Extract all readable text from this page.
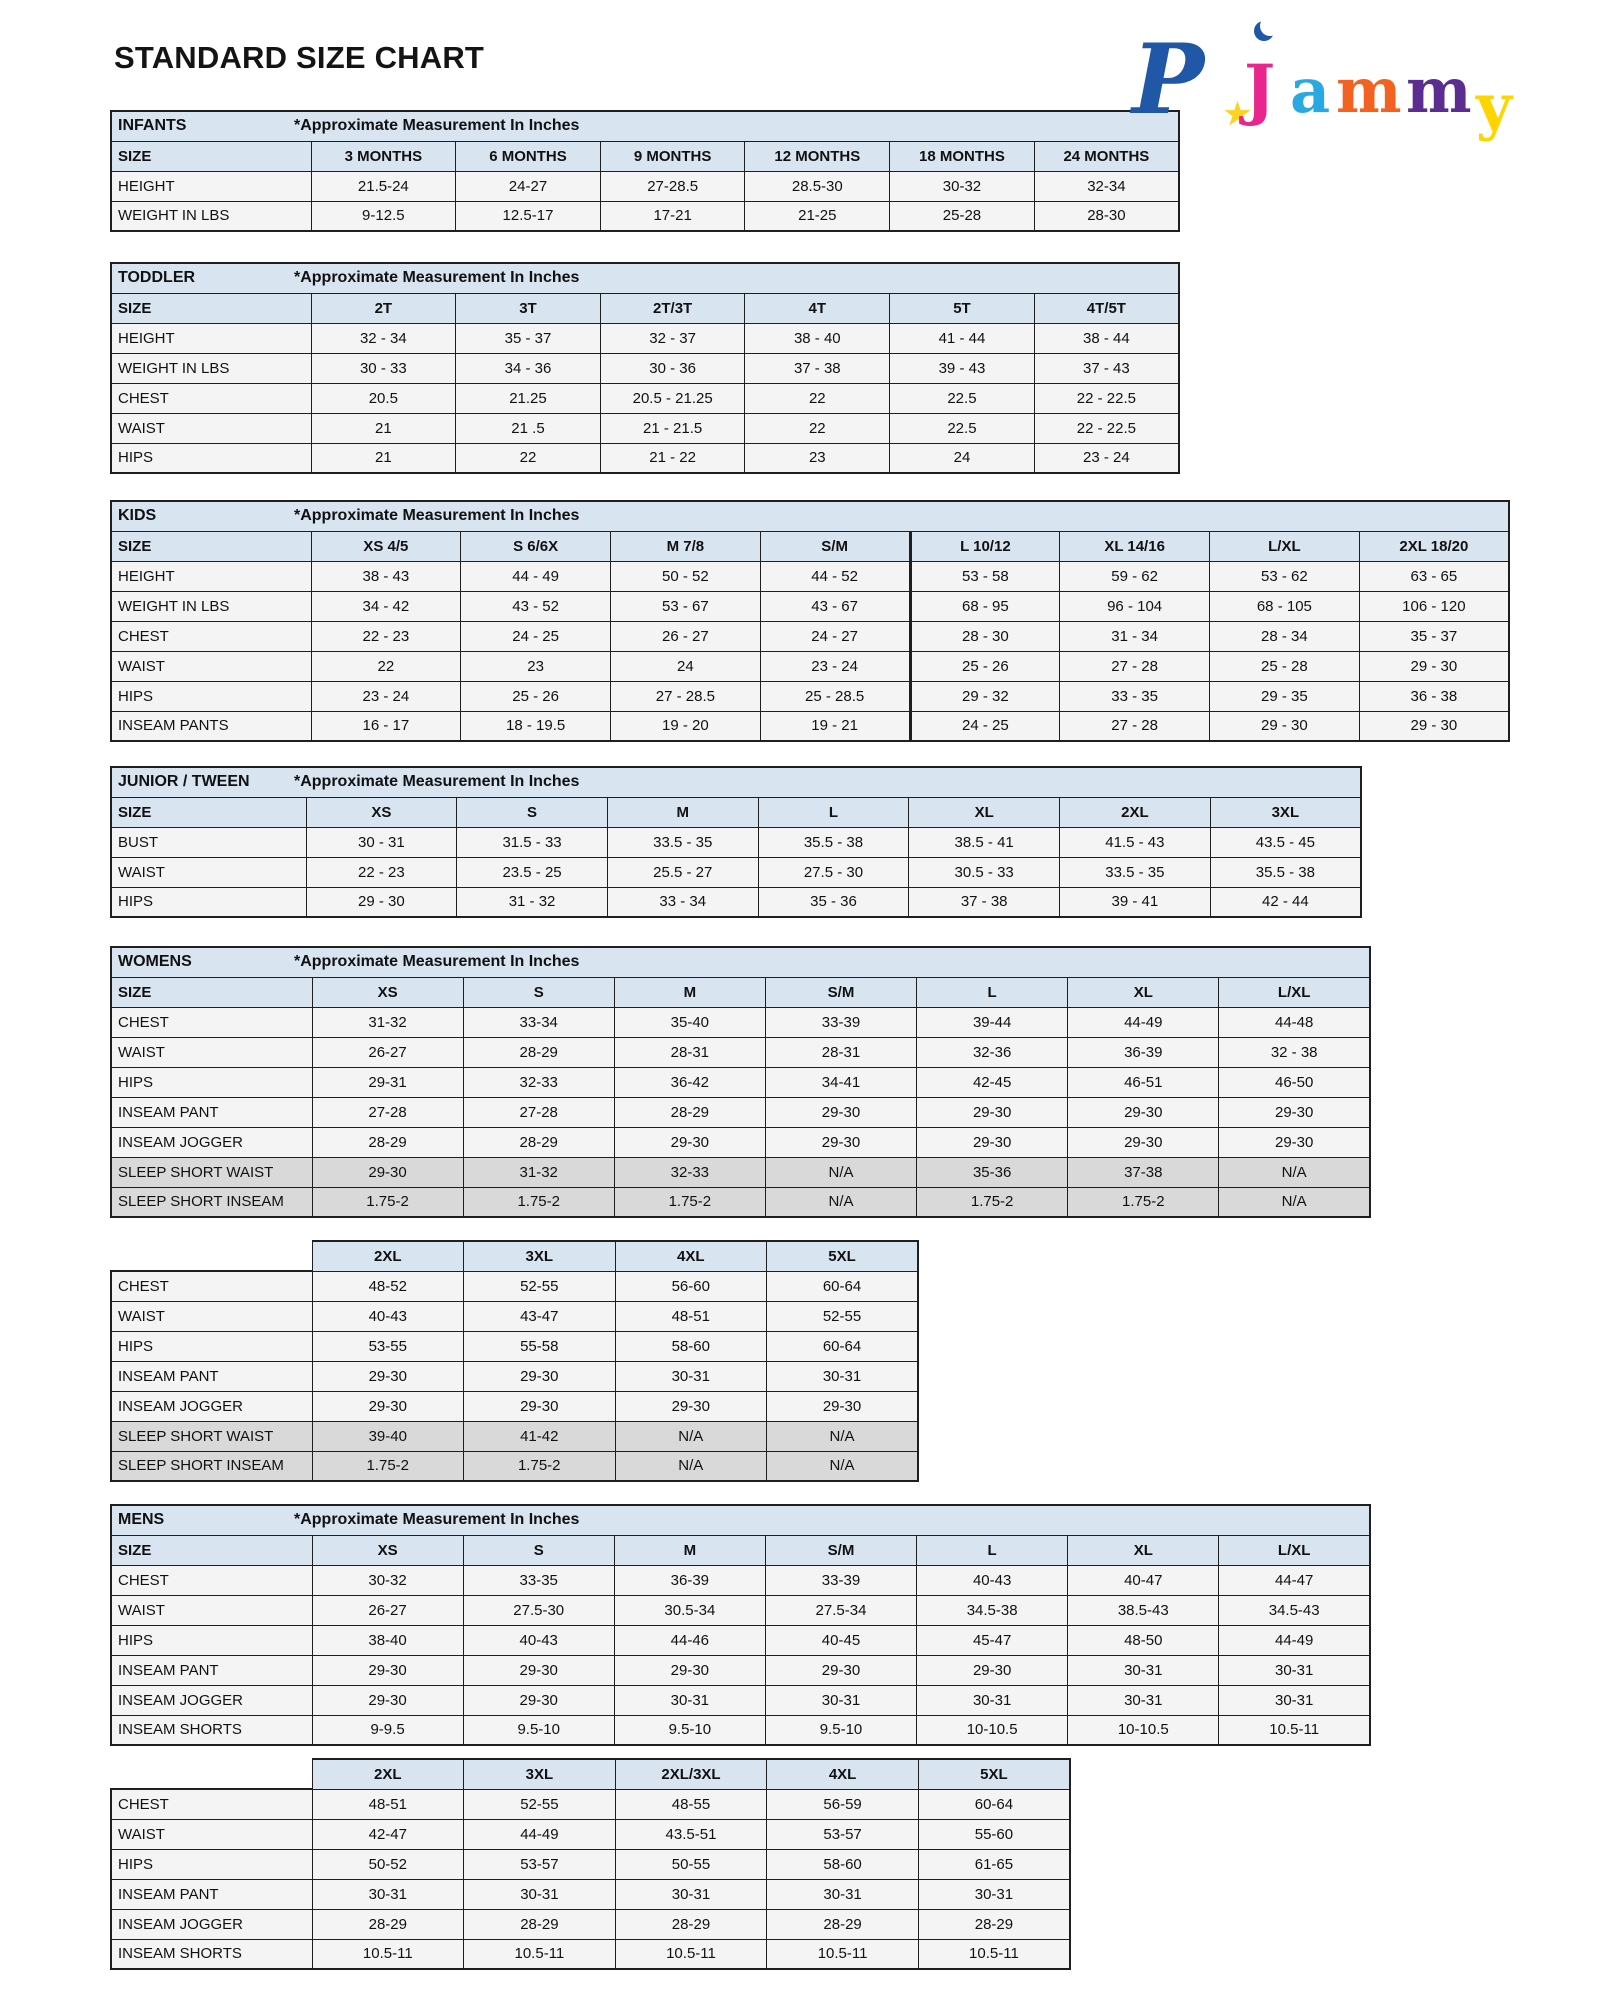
★
P J a m m y
STANDARD SIZE CHART
INFANTS *Approximate Measurement In Inches						
SIZE	3 MONTHS	6 MONTHS	9 MONTHS	12 MONTHS	18 MONTHS	24 MONTHS
HEIGHT	21.5-24	24-27	27-28.5	28.5-30	30-32	32-34
WEIGHT IN LBS	9-12.5	12.5-17	17-21	21-25	25-28	28-30
TODDLER *Approximate Measurement In Inches						
SIZE	2T	3T	2T/3T	4T	5T	4T/5T
HEIGHT	32 - 34	35 - 37	32 - 37	38 - 40	41 - 44	38 - 44
WEIGHT IN LBS	30 - 33	34 - 36	30 - 36	37 - 38	39 - 43	37 - 43
CHEST	20.5	21.25	20.5 - 21.25	22	22.5	22 - 22.5
WAIST	21	21 .5	21 - 21.5	22	22.5	22 - 22.5
HIPS	21	22	21 - 22	23	24	23 - 24
KIDS *Approximate Measurement In Inches								
SIZE	XS 4/5	S 6/6X	M 7/8	S/M	L 10/12	XL 14/16	L/XL	2XL 18/20
HEIGHT	38 - 43	44 - 49	50 - 52	44 - 52	53 - 58	59 - 62	53 - 62	63 - 65
WEIGHT IN LBS	34 - 42	43 - 52	53 - 67	43 - 67	68 - 95	96 - 104	68 - 105	106 - 120
CHEST	22 - 23	24 - 25	26 - 27	24 - 27	28 - 30	31 - 34	28 - 34	35 - 37
WAIST	22	23	24	23 - 24	25 - 26	27 - 28	25 - 28	29 - 30
HIPS	23 - 24	25 - 26	27 - 28.5	25 - 28.5	29 - 32	33 - 35	29 - 35	36 - 38
INSEAM PANTS	16 - 17	18 - 19.5	19 - 20	19 - 21	24 - 25	27 - 28	29 - 30	29 - 30
JUNIOR / TWEEN *Approximate Measurement In Inches							
SIZE	XS	S	M	L	XL	2XL	3XL
BUST	30 - 31	31.5 - 33	33.5 - 35	35.5 - 38	38.5 - 41	41.5 - 43	43.5 - 45
WAIST	22 - 23	23.5 - 25	25.5 - 27	27.5 - 30	30.5 - 33	33.5 - 35	35.5 - 38
HIPS	29 - 30	31 - 32	33 - 34	35 - 36	37 - 38	39 - 41	42 - 44
WOMENS *Approximate Measurement In Inches							
SIZE	XS	S	M	S/M	L	XL	L/XL
CHEST	31-32	33-34	35-40	33-39	39-44	44-49	44-48
WAIST	26-27	28-29	28-31	28-31	32-36	36-39	32 - 38
HIPS	29-31	32-33	36-42	34-41	42-45	46-51	46-50
INSEAM PANT	27-28	27-28	28-29	29-30	29-30	29-30	29-30
INSEAM JOGGER	28-29	28-29	29-30	29-30	29-30	29-30	29-30
SLEEP SHORT WAIST	29-30	31-32	32-33	N/A	35-36	37-38	N/A
SLEEP SHORT INSEAM	1.75-2	1.75-2	1.75-2	N/A	1.75-2	1.75-2	N/A
	2XL	3XL	4XL	5XL
CHEST	48-52	52-55	56-60	60-64
WAIST	40-43	43-47	48-51	52-55
HIPS	53-55	55-58	58-60	60-64
INSEAM PANT	29-30	29-30	30-31	30-31
INSEAM JOGGER	29-30	29-30	29-30	29-30
SLEEP SHORT WAIST	39-40	41-42	N/A	N/A
SLEEP SHORT INSEAM	1.75-2	1.75-2	N/A	N/A
MENS *Approximate Measurement In Inches							
SIZE	XS	S	M	S/M	L	XL	L/XL
CHEST	30-32	33-35	36-39	33-39	40-43	40-47	44-47
WAIST	26-27	27.5-30	30.5-34	27.5-34	34.5-38	38.5-43	34.5-43
HIPS	38-40	40-43	44-46	40-45	45-47	48-50	44-49
INSEAM PANT	29-30	29-30	29-30	29-30	29-30	30-31	30-31
INSEAM JOGGER	29-30	29-30	30-31	30-31	30-31	30-31	30-31
INSEAM SHORTS	9-9.5	9.5-10	9.5-10	9.5-10	10-10.5	10-10.5	10.5-11
	2XL	3XL	2XL/3XL	4XL	5XL
CHEST	48-51	52-55	48-55	56-59	60-64
WAIST	42-47	44-49	43.5-51	53-57	55-60
HIPS	50-52	53-57	50-55	58-60	61-65
INSEAM PANT	30-31	30-31	30-31	30-31	30-31
INSEAM JOGGER	28-29	28-29	28-29	28-29	28-29
INSEAM SHORTS	10.5-11	10.5-11	10.5-11	10.5-11	10.5-11
